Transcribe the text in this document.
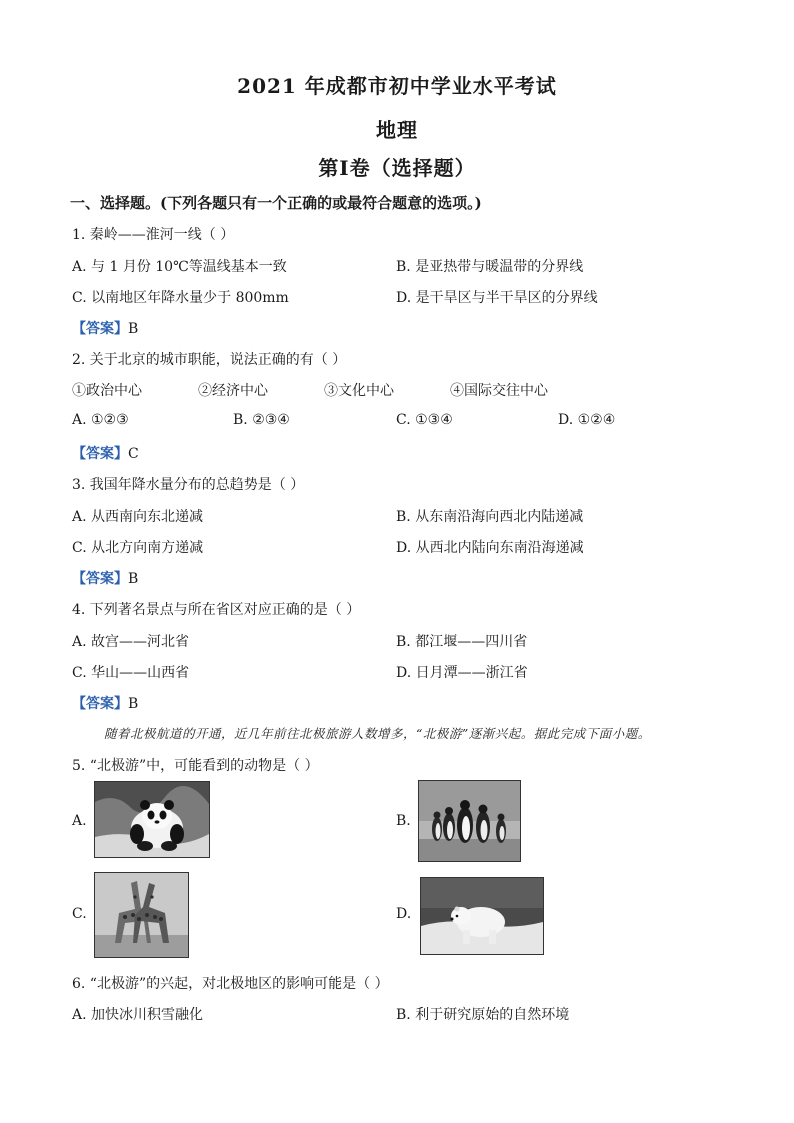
2021 年成都市初中学业水平考试
地理
第Ⅰ卷（选择题）
一、选择题。(下列各题只有一个正确的或最符合题意的选项。)
1. 秦岭——淮河一线（ ）
A. 与 1 月份 10℃等温线基本一致	B. 是亚热带与暖温带的分界线
C. 以南地区年降水量少于 800mm	D. 是干旱区与半干旱区的分界线
【答案】B
2. 关于北京的城市职能，说法正确的有（ ）
①政治中心	②经济中心	③文化中心	④国际交往中心
A. ①②③	B. ②③④	C. ①③④	D. ①②④
【答案】C
3. 我国年降水量分布的总趋势是（ ）
A. 从西南向东北递减	B. 从东南沿海向西北内陆递减
C. 从北方向南方递减	D. 从西北内陆向东南沿海递减
【答案】B
4. 下列著名景点与所在省区对应正确的是（ ）
A. 故宫——河北省	B. 都江堰——四川省
C. 华山——山西省	D. 日月潭——浙江省
【答案】B
随着北极航道的开通，近几年前往北极旅游人数增多，“北极游”逐渐兴起。据此完成下面小题。
5. “北极游”中，可能看到的动物是（ ）
A.	B.
C.	D.
6. “北极游”的兴起，对北极地区的影响可能是（ ）
A. 加快冰川积雪融化	B. 利于研究原始的自然环境
